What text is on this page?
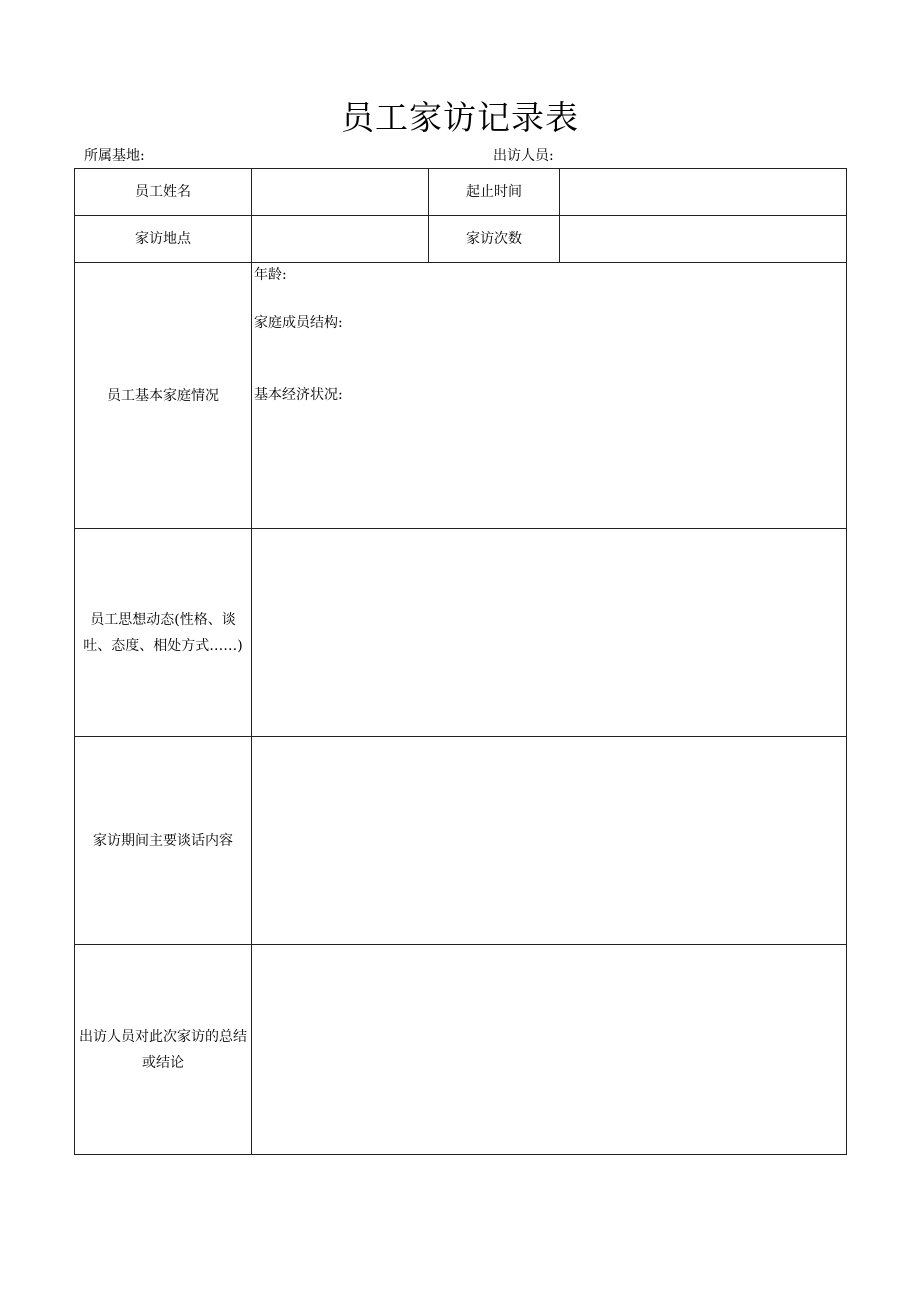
员工家访记录表
所属基地:	出访人员:
员工姓名		起止时间	
家访地点		家访次数	
员工基本家庭情况	年龄:
家庭成员结构:
基本经济状况:		

员工思想动态(性格、谈吐、态度、相处方式……)			
家访期间主要谈话内容			
出访人员对此次家访的总结或结论			
